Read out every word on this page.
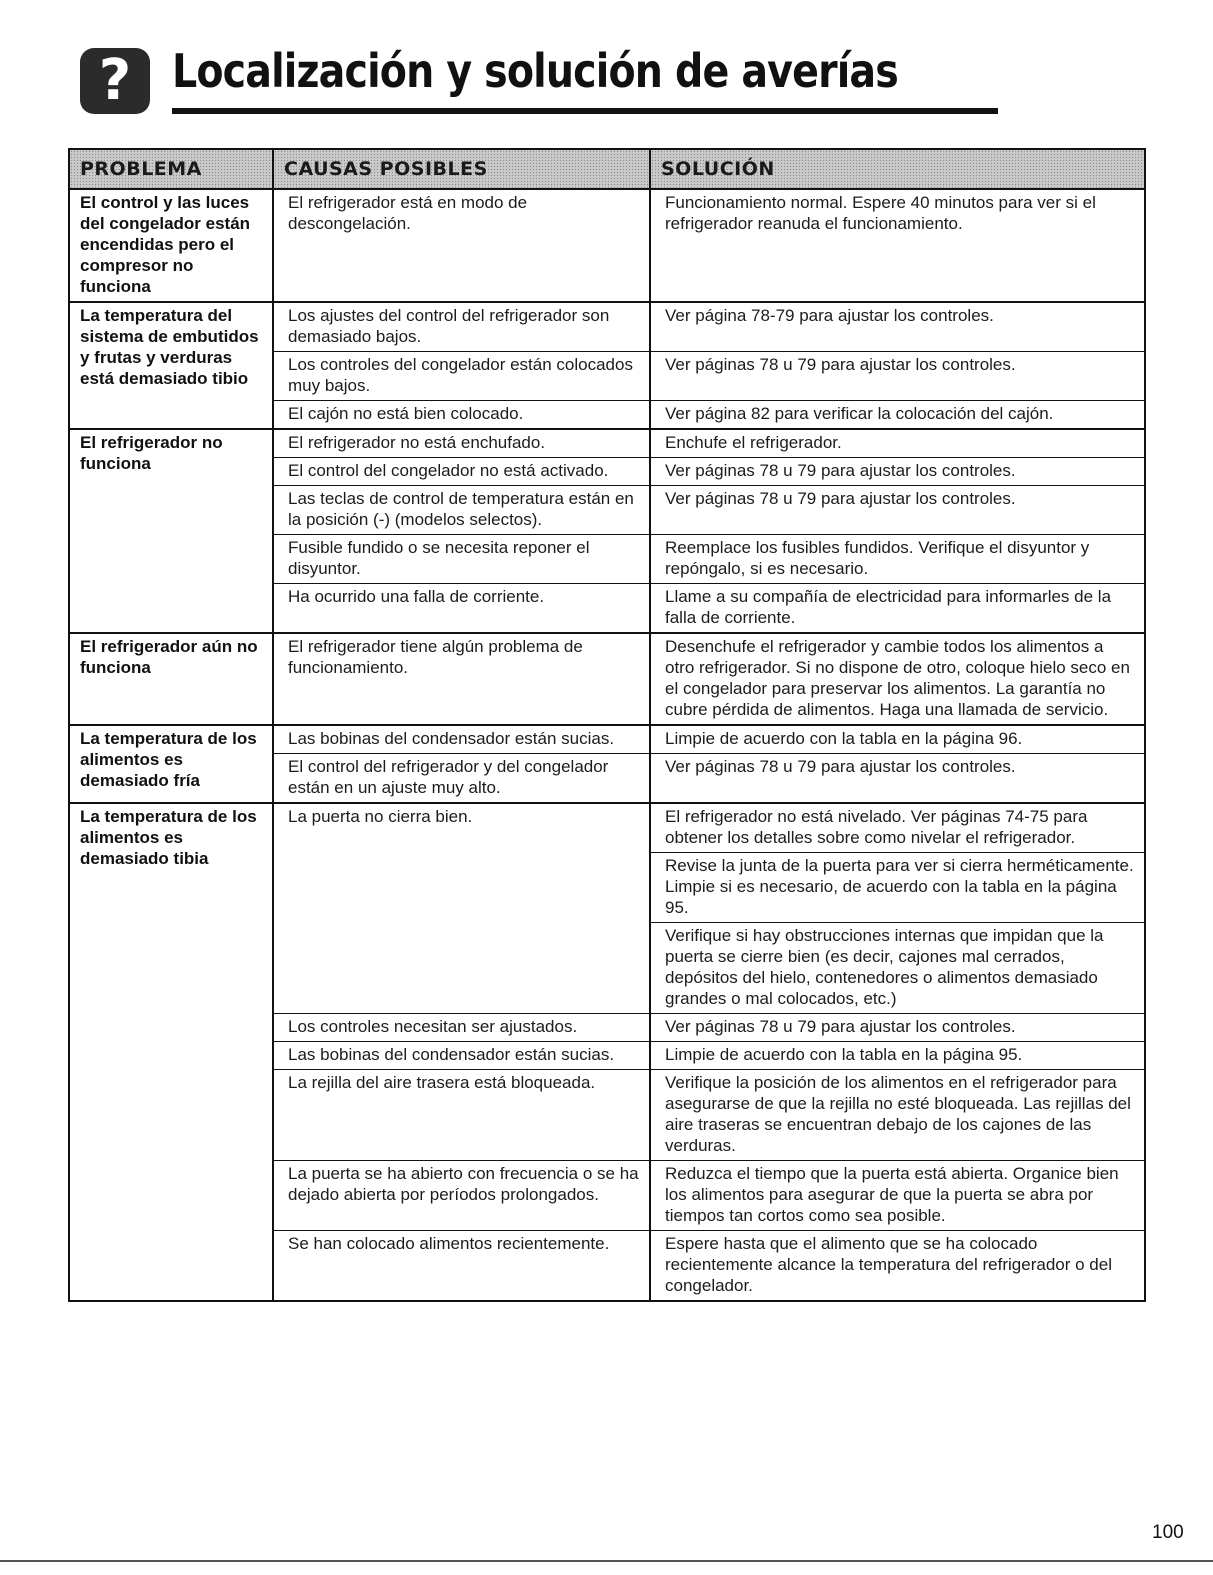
? Localización y solución de averías
PROBLEMA	CAUSAS POSIBLES	SOLUCIÓN
El control y las luces del congelador están encendidas pero el compresor no funciona	El refrigerador está en modo de descongelación.	Funcionamiento normal. Espere 40 minutos para ver si el refrigerador reanuda el funcionamiento.
La temperatura del sistema de embutidos y frutas y verduras está demasiado tibio	Los ajustes del control del refrigerador son demasiado bajos.	Ver página 78-79 para ajustar los controles.
	Los controles del congelador están colocados muy bajos.	Ver páginas 78 u 79 para ajustar los controles.
	El cajón no está bien colocado.	Ver página 82 para verificar la colocación del cajón.
El refrigerador no funciona	El refrigerador no está enchufado.	Enchufe el refrigerador.
	El control del congelador no está activado.	Ver páginas 78 u 79 para ajustar los controles.
	Las teclas de control de temperatura están en la posición (-) (modelos selectos).	Ver páginas 78 u 79 para ajustar los controles.
	Fusible fundido o se necesita reponer el disyuntor.	Reemplace los fusibles fundidos. Verifique el disyuntor y repóngalo, si es necesario.
	Ha ocurrido una falla de corriente.	Llame a su compañía de electricidad para informarles de la falla de corriente.
El refrigerador aún no funciona	El refrigerador tiene algún problema de funcionamiento.	Desenchufe el refrigerador y cambie todos los alimentos a otro refrigerador. Si no dispone de otro, coloque hielo seco en el congelador para preservar los alimentos. La garantía no cubre pérdida de alimentos. Haga una llamada de servicio.
La temperatura de los alimentos es demasiado fría	Las bobinas del condensador están sucias.	Limpie de acuerdo con la tabla en la página 96.
	El control del refrigerador y del congelador están en un ajuste muy alto.	Ver páginas 78 u 79 para ajustar los controles.
La temperatura de los alimentos es demasiado tibia	La puerta no cierra bien.	El refrigerador no está nivelado. Ver páginas 74-75 para obtener los detalles sobre como nivelar el refrigerador.
		Revise la junta de la puerta para ver si cierra herméticamente. Limpie si es necesario, de acuerdo con la tabla en la página 95.
		Verifique si hay obstrucciones internas que impidan que la puerta se cierre bien (es decir, cajones mal cerrados, depósitos del hielo, contenedores o alimentos demasiado grandes o mal colocados, etc.)
	Los controles necesitan ser ajustados.	Ver páginas 78 u 79 para ajustar los controles.
	Las bobinas del condensador están sucias.	Limpie de acuerdo con la tabla en la página 95.
	La rejilla del aire trasera está bloqueada.	Verifique la posición de los alimentos en el refrigerador para asegurarse de que la rejilla no esté bloqueada. Las rejillas del aire traseras se encuentran debajo de los cajones de las verduras.
	La puerta se ha abierto con frecuencia o se ha dejado abierta por períodos prolongados.	Reduzca el tiempo que la puerta está abierta. Organice bien los alimentos para asegurar de que la puerta se abra por tiempos tan cortos como sea posible.
	Se han colocado alimentos recientemente.	Espere hasta que el alimento que se ha colocado recientemente alcance la temperatura del refrigerador o del congelador.
100
